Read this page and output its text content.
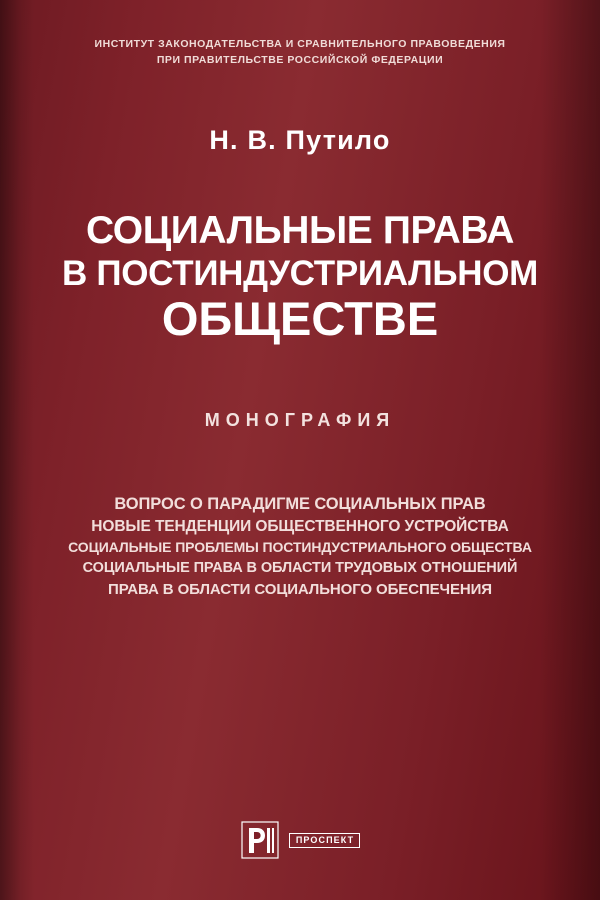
ИНСТИТУТ ЗАКОНОДАТЕЛЬСТВА И СРАВНИТЕЛЬНОГО ПРАВОВЕДЕНИЯ
ПРИ ПРАВИТЕЛЬСТВЕ РОССИЙСКОЙ ФЕДЕРАЦИИ
Н. В. Путило
СОЦИАЛЬНЫЕ ПРАВА
В ПОСТИНДУСТРИАЛЬНОМ
ОБЩЕСТВЕ
МОНОГРАФИЯ
ВОПРОС О ПАРАДИГМЕ СОЦИАЛЬНЫХ ПРАВ
НОВЫЕ ТЕНДЕНЦИИ ОБЩЕСТВЕННОГО УСТРОЙСТВА
СОЦИАЛЬНЫЕ ПРОБЛЕМЫ ПОСТИНДУСТРИАЛЬНОГО ОБЩЕСТВА
СОЦИАЛЬНЫЕ ПРАВА В ОБЛАСТИ ТРУДОВЫХ ОТНОШЕНИЙ
ПРАВА В ОБЛАСТИ СОЦИАЛЬНОГО ОБЕСПЕЧЕНИЯ
ПРОСПЕКТ
